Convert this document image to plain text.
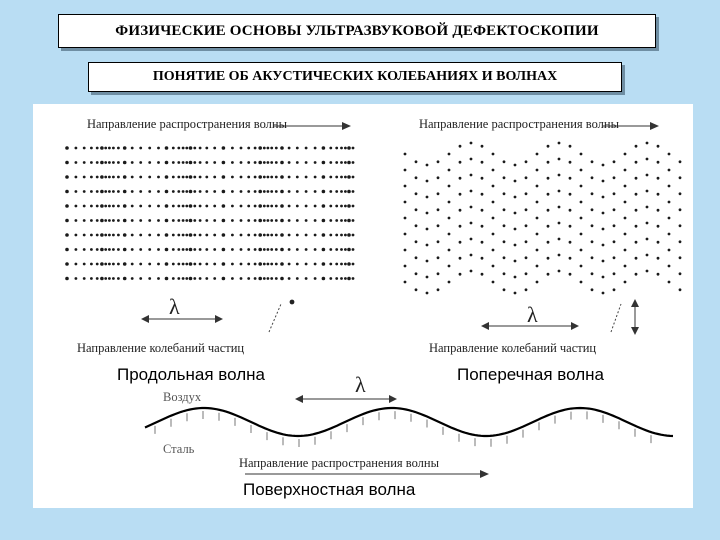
ФИЗИЧЕСКИЕ ОСНОВЫ УЛЬТРАЗВУКОВОЙ ДЕФЕКТОСКОПИИ
ПОНЯТИЕ ОБ АКУСТИЧЕСКИХ КОЛЕБАНИЯХ И ВОЛНАХ
Направление распространения волны	Направление распространения волны
λ	λ
Направление колебаний частиц	Направление колебаний частиц
Продольная волна	Поперечная волна
λ
Воздух
Сталь
Направление распространения волны
Поверхностная волна
